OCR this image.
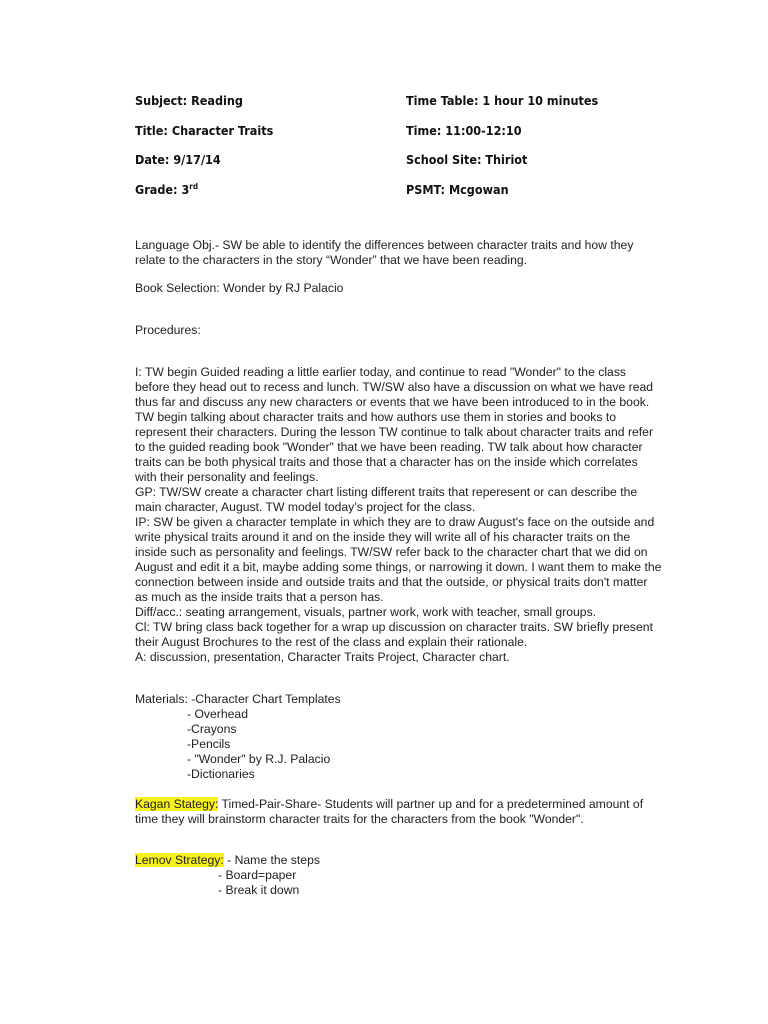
Subject: Reading	Time Table: 1 hour 10 minutes
Title: Character Traits	Time: 11:00-12:10
Date: 9/17/14	School Site: Thiriot
Grade: 3rd	PSMT: Mcgowan
Language Obj.- SW be able to identify the differences between character traits and how they
relate to the characters in the story “Wonder” that we have been reading.
Book Selection: Wonder by RJ Palacio
Procedures:
I: TW begin Guided reading a little earlier today, and continue to read "Wonder" to the class
before they head out to recess and lunch. TW/SW also have a discussion on what we have read
thus far and discuss any new characters or events that we have been introduced to in the book.
TW begin talking about character traits and how authors use them in stories and books to
represent their characters. During the lesson TW continue to talk about character traits and refer
to the guided reading book "Wonder" that we have been reading. TW talk about how character
traits can be both physical traits and those that a character has on the inside which correlates
with their personality and feelings.
GP: TW/SW create a character chart listing different traits that reperesent or can describe the
main character, August. TW model today’s project for the class.
IP: SW be given a character template in which they are to draw August's face on the outside and
write physical traits around it and on the inside they will write all of his character traits on the
inside such as personality and feelings. TW/SW refer back to the character chart that we did on
August and edit it a bit, maybe adding some things, or narrowing it down. I want them to make the
connection between inside and outside traits and that the outside, or physical traits don't matter
as much as the inside traits that a person has.
Diff/acc.: seating arrangement, visuals, partner work, work with teacher, small groups.
Cl: TW bring class back together for a wrap up discussion on character traits. SW briefly present
their August Brochures to the rest of the class and explain their rationale.
A: discussion, presentation, Character Traits Project, Character chart.
Materials: -Character Chart Templates
- Overhead
-Crayons
-Pencils
- "Wonder" by R.J. Palacio
-Dictionaries
Kagan Stategy: Timed-Pair-Share- Students will partner up and for a predetermined amount of
time they will brainstorm character traits for the characters from the book "Wonder".
Lemov Strategy: - Name the steps
- Board=paper
- Break it down
